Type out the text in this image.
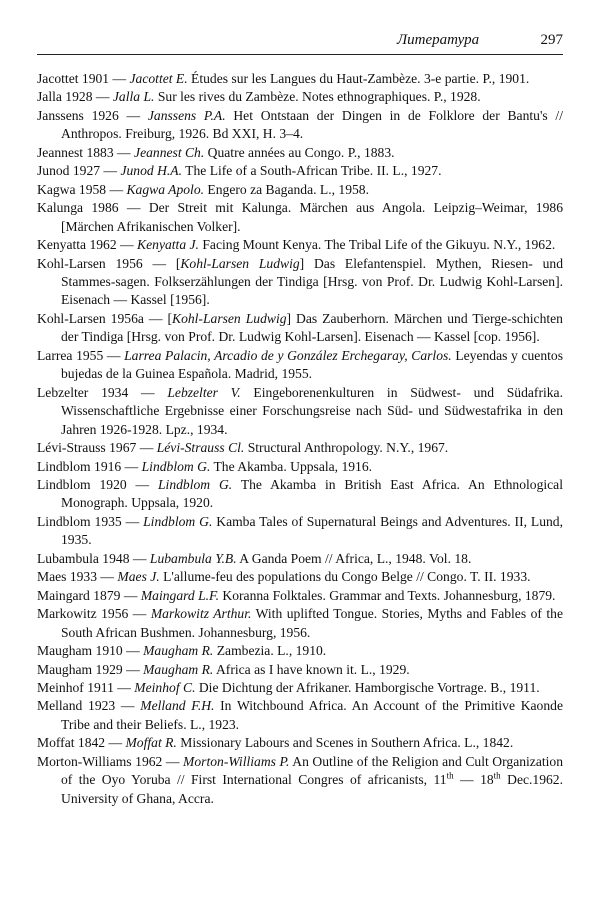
Литература	297
Jacottet 1901 — Jacottet E. Études sur les Langues du Haut-Zambèze. 3-e partie. P., 1901.
Jalla 1928 — Jalla L. Sur les rives du Zambèze. Notes ethnographiques. P., 1928.
Janssens 1926 — Janssens P.A. Het Ontstaan der Dingen in de Folklore der Bantu's // Anthropos. Freiburg, 1926. Bd XXI, H. 3–4.
Jeannest 1883 — Jeannest Ch. Quatre années au Congo. P., 1883.
Junod 1927 — Junod H.A. The Life of a South-African Tribe. II. L., 1927.
Kagwa 1958 — Kagwa Apolo. Engero za Baganda. L., 1958.
Kalunga 1986 — Der Streit mit Kalunga. Märchen aus Angola. Leipzig–Weimar, 1986 [Märchen Afrikanischen Volker].
Kenyatta 1962 — Kenyatta J. Facing Mount Kenya. The Tribal Life of the Gikuyu. N.Y., 1962.
Kohl-Larsen 1956 — [Kohl-Larsen Ludwig] Das Elefantenspiel. Mythen, Riesen- und Stammes-sagen. Folkserzählungen der Tindiga [Hrsg. von Prof. Dr. Ludwig Kohl-Larsen]. Eisenach — Kassel [1956].
Kohl-Larsen 1956a — [Kohl-Larsen Ludwig] Das Zauberhorn. Märchen und Tierge-schichten der Tindiga [Hrsg. von Prof. Dr. Ludwig Kohl-Larsen]. Eisenach — Kassel [cop. 1956].
Larrea 1955 — Larrea Palacin, Arcadio de y González Erchegaray, Carlos. Leyendas y cuentos bujedas de la Guinea Española. Madrid, 1955.
Lebzelter 1934 — Lebzelter V. Eingeborenenkulturen in Südwest- und Südafrika. Wissenschaftliche Ergebnisse einer Forschungsreise nach Süd- und Südwestafrika in den Jahren 1926-1928. Lpz., 1934.
Lévi-Strauss 1967 — Lévi-Strauss Cl. Structural Anthropology. N.Y., 1967.
Lindblom 1916 — Lindblom G. The Akamba. Uppsala, 1916.
Lindblom 1920 — Lindblom G. The Akamba in British East Africa. An Ethnological Monograph. Uppsala, 1920.
Lindblom 1935 — Lindblom G. Kamba Tales of Supernatural Beings and Adventures. II, Lund, 1935.
Lubambula 1948 — Lubambula Y.B. A Ganda Poem // Africa, L., 1948. Vol. 18.
Maes 1933 — Maes J. L'allume-feu des populations du Congo Belge // Congo. T. II. 1933.
Maingard 1879 — Maingard L.F. Koranna Folktales. Grammar and Texts. Johannesburg, 1879.
Markowitz 1956 — Markowitz Arthur. With uplifted Tongue. Stories, Myths and Fables of the South African Bushmen. Johannesburg, 1956.
Maugham 1910 — Maugham R. Zambezia. L., 1910.
Maugham 1929 — Maugham R. Africa as I have known it. L., 1929.
Meinhof 1911 — Meinhof C. Die Dichtung der Afrikaner. Hamborgische Vortrage. B., 1911.
Melland 1923 — Melland F.H. In Witchbound Africa. An Account of the Primitive Kaonde Tribe and their Beliefs. L., 1923.
Moffat 1842 — Moffat R. Missionary Labours and Scenes in Southern Africa. L., 1842.
Morton-Williams 1962 — Morton-Williams P. An Outline of the Religion and Cult Organization of the Oyo Yoruba // First International Congres of africanists, 11th — 18th Dec.1962. University of Ghana, Accra.
